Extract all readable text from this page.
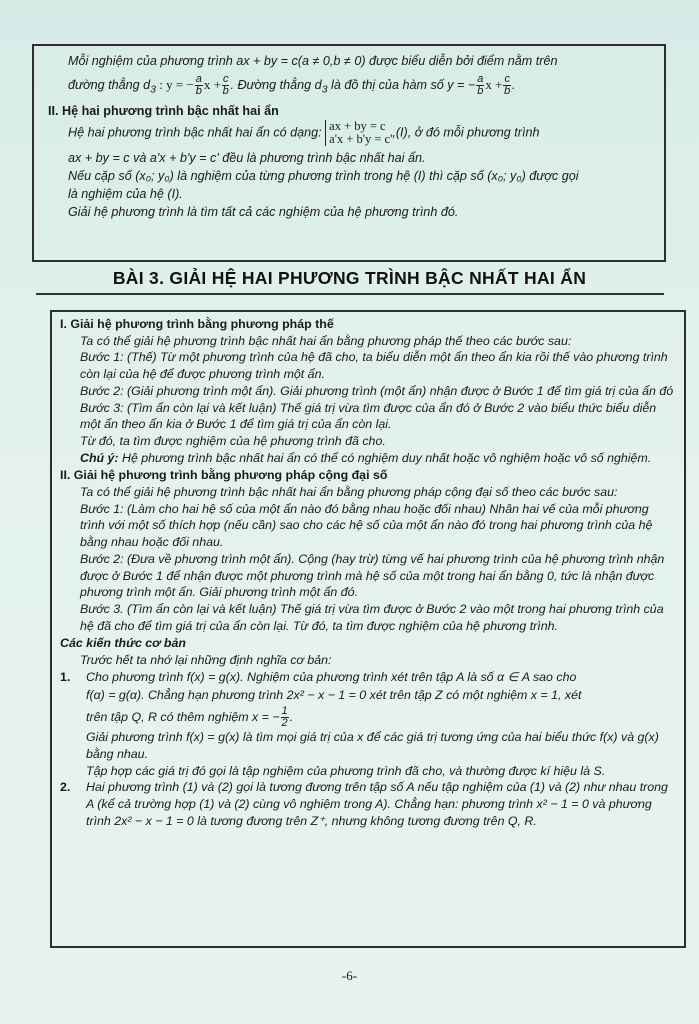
Mỗi nghiệm của phương trình ax + by = c(a ≠ 0,b ≠ 0) được biểu diễn bởi điểm nằm trên

đường thẳng $d_3$ : y = − $\frac{a}{b}$ $x + \frac{c}{b}$ . Đường thẳng $d_3$ là đồ thị của hàm số y = − $\frac{a}{b}$ $x + \frac{c}{b}$ .

II. Hệ hai phương trình bậc nhất hai ẩn

Hệ hai phương trình bậc nhất hai ẩn có dạng: ax + by = c
a'x + b'y = c' ,(I), ở đó mỗi phương trình

ax + by = c và a'x + b'y = c' đều là phương trình bậc nhất hai ẩn.

Nếu cặp số (x₀; y₀) là nghiệm của từng phương trình trong hệ (I) thì cặp số (x₀; y₀) được gọi

là nghiệm của hệ (I).

Giải hệ phương trình là tìm tất cả các nghiệm của hệ phương trình đó.

BÀI 3. GIẢI HỆ HAI PHƯƠNG TRÌNH BẬC NHẤT HAI ẨN

I. Giải hệ phương trình bằng phương pháp thế

Ta có thể giải hệ phương trình bậc nhất hai ẩn bằng phương pháp thế theo các bước sau:

Bước 1: (Thế) Từ một phương trình của hệ đã cho, ta biểu diễn một ẩn theo ẩn kia rồi thế vào phương trình còn lại của hệ để được phương trình một ẩn.

Bước 2: (Giải phương trình một ẩn). Giải phương trình (một ẩn) nhận được ở Bước 1 để tìm giá trị của ẩn đó

Bước 3: (Tìm ẩn còn lại và kết luận) Thế giá trị vừa tìm được của ẩn đó ở Bước 2 vào biểu thức biểu diễn một ẩn theo ẩn kia ở Bước 1 để tìm giá trị của ẩn còn lại.

Từ đó, ta tìm được nghiệm của hệ phương trình đã cho.

Chú ý: Hệ phương trình bậc nhất hai ẩn có thể có nghiệm duy nhất hoặc vô nghiệm hoặc vô số nghiệm.

II. Giải hệ phương trình bằng phương pháp cộng đại số

Ta có thể giải hệ phương trình bậc nhất hai ẩn bằng phương pháp cộng đại số theo các bước sau:

Bước 1: (Làm cho hai hệ số của một ẩn nào đó bằng nhau hoặc đối nhau) Nhân hai vế của mỗi phương trình với một số thích hợp (nếu cần) sao cho các hệ số của một ẩn nào đó trong hai phương trình của hệ bằng nhau hoặc đối nhau.

Bước 2: (Đưa về phương trình một ẩn). Cộng (hay trừ) từng vế hai phương trình của hệ phương trình nhận được ở Bước 1 để nhận được một phương trình mà hệ số của một trong hai ẩn bằng 0, tức là nhận được phương trình một ẩn. Giải phương trình một ẩn đó.

Bước 3. (Tìm ẩn còn lại và kết luận) Thế giá trị vừa tìm được ở Bước 2 vào một trong hai phương trình của hệ đã cho để tìm giá trị của ẩn còn lại. Từ đó, ta tìm được nghiệm của hệ phương trình.

Các kiến thức cơ bản

Trước hết ta nhớ lại những định nghĩa cơ bản:

1.	Cho phương trình f(x) = g(x). Nghiệm của phương trình xét trên tập A là số α ∈ A sao cho

f(α) = g(α). Chẳng hạn phương trình 2x² − x − 1 = 0 xét trên tập Z có một nghiệm x = 1, xét

trên tập Q, R có thêm nghiệm x = − $\frac{1}{2}$ .

Giải phương trình f(x) = g(x) là tìm mọi giá trị của x để các giá trị tương ứng của hai biểu thức f(x) và g(x) bằng nhau.

Tập hợp các giá trị đó gọi là tập nghiệm của phương trình đã cho, và thường được kí hiệu là S.

2.	Hai phương trình (1) và (2) gọi là tương đương trên tập số A nếu tập nghiệm của (1) và (2) như nhau trong A (kể cả trường hợp (1) và (2) cùng vô nghiệm trong A). Chẳng hạn: phương trình x² − 1 = 0 và phương trình 2x² − x − 1 = 0 là tương đương trên Z⁺, nhưng không tương đương trên Q, R.

-6-
